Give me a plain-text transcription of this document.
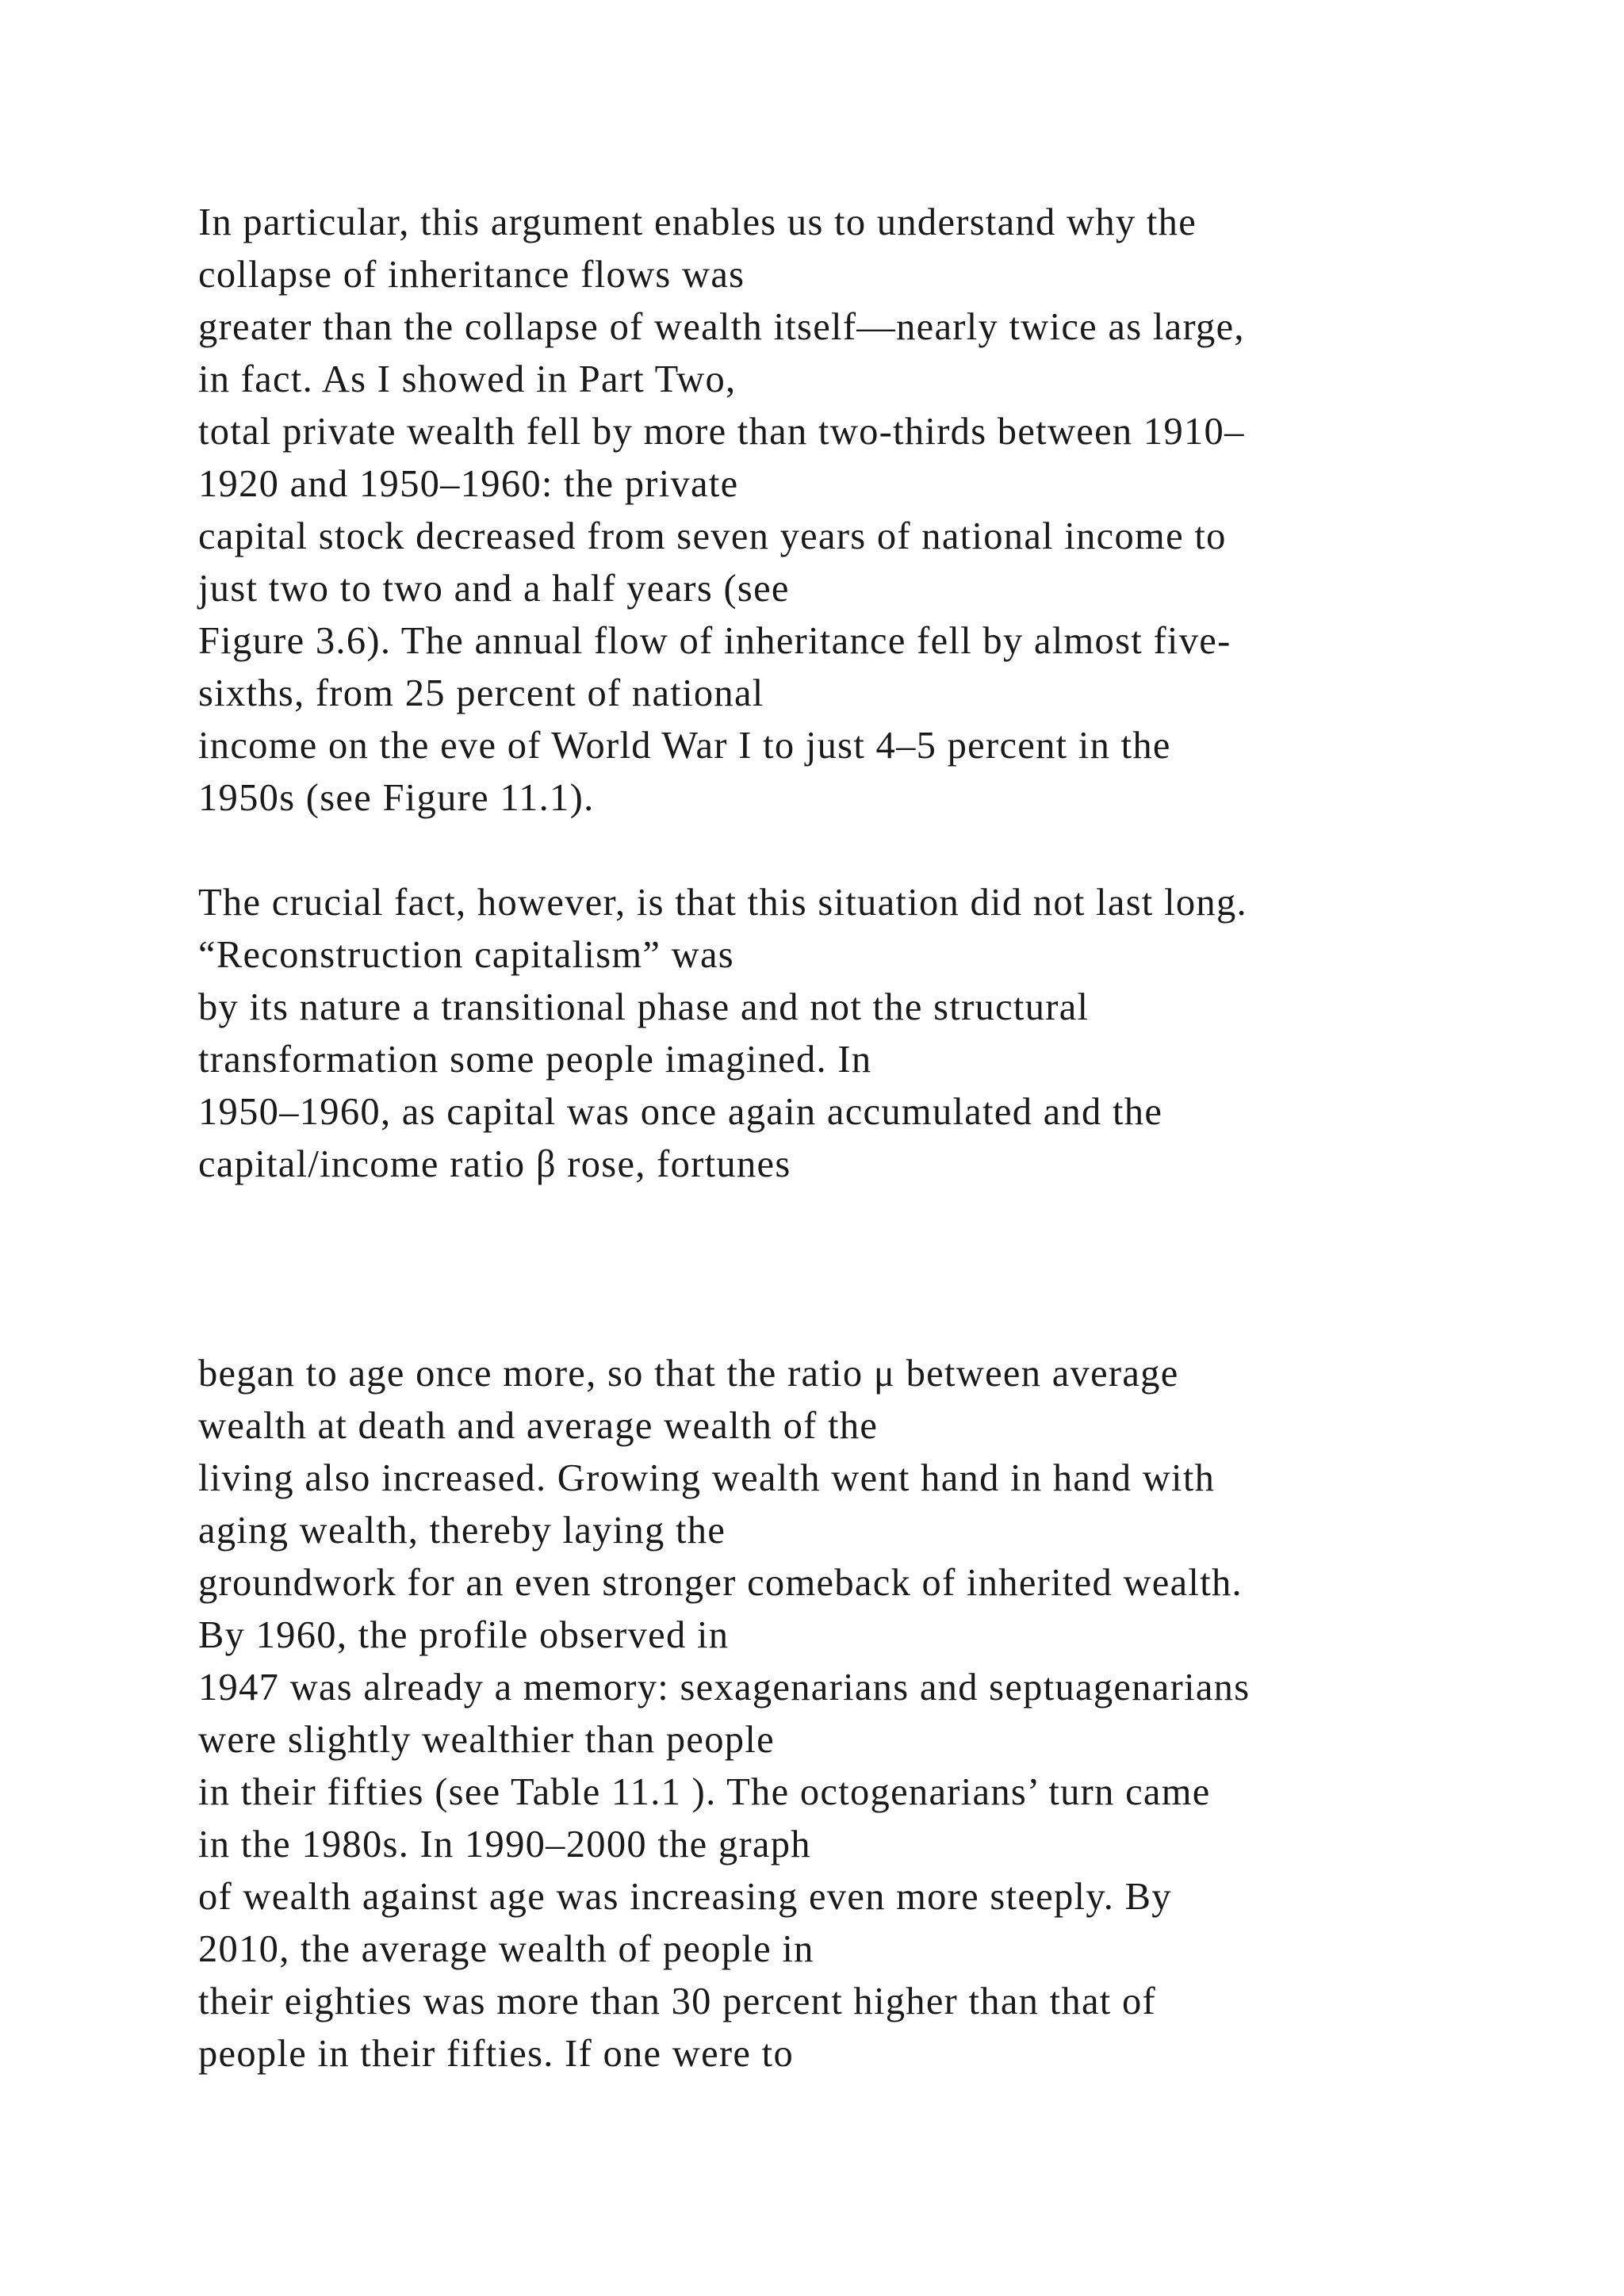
In particular, this argument enables us to understand why the
collapse of inheritance flows was
greater than the collapse of wealth itself—nearly twice as large,
in fact. As I showed in Part Two,
total private wealth fell by more than two-thirds between 1910–
1920 and 1950–1960: the private
capital stock decreased from seven years of national income to
just two to two and a half years (see
Figure 3.6). The annual flow of inheritance fell by almost five-
sixths, from 25 percent of national
income on the eve of World War I to just 4–5 percent in the
1950s (see Figure 11.1).
The crucial fact, however, is that this situation did not last long.
“Reconstruction capitalism” was
by its nature a transitional phase and not the structural
transformation some people imagined. In
1950–1960, as capital was once again accumulated and the
capital/income ratio β rose, fortunes
began to age once more, so that the ratio μ between average
wealth at death and average wealth of the
living also increased. Growing wealth went hand in hand with
aging wealth, thereby laying the
groundwork for an even stronger comeback of inherited wealth.
By 1960, the profile observed in
1947 was already a memory: sexagenarians and septuagenarians
were slightly wealthier than people
in their fifties (see Table 11.1 ). The octogenarians’ turn came
in the 1980s. In 1990–2000 the graph
of wealth against age was increasing even more steeply. By
2010, the average wealth of people in
their eighties was more than 30 percent higher than that of
people in their fifties. If one were to
